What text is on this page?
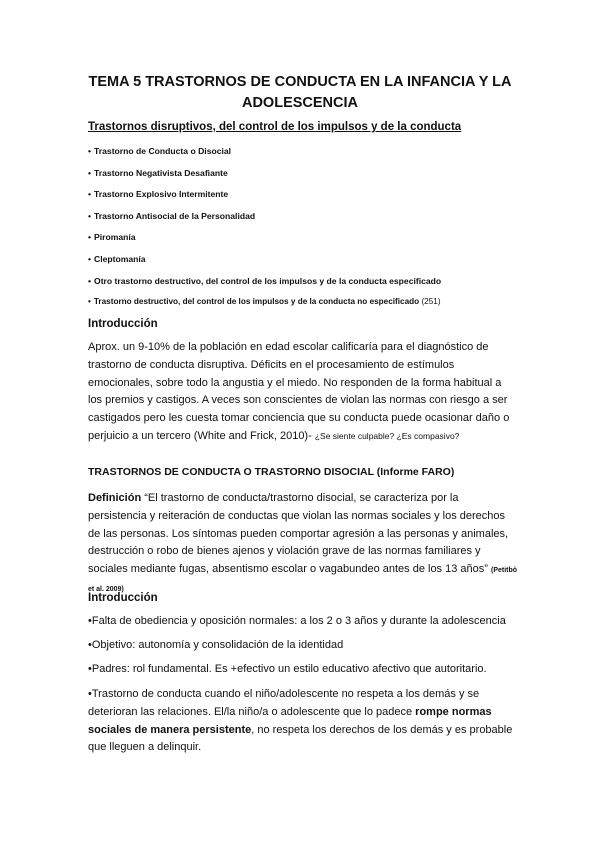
TEMA 5 TRASTORNOS DE CONDUCTA EN LA INFANCIA Y LA
ADOLESCENCIA
Trastornos disruptivos, del control de los impulsos y de la conducta
• Trastorno de Conducta o Disocial
• Trastorno Negativista Desafiante
• Trastorno Explosivo Intermitente
• Trastorno Antisocial de la Personalidad
• Piromanía
• Cleptomanía
• Otro trastorno destructivo, del control de los impulsos y de la conducta especificado
• Trastorno destructivo, del control de los impulsos y de la conducta no especificado (251)
Introducción
Aprox. un 9-10% de la población en edad escolar calificaría para el diagnóstico de trastorno de conducta disruptiva. Déficits en el procesamiento de estímulos emocionales, sobre todo la angustia y el miedo. No responden de la forma habitual a los premios y castigos. A veces son conscientes de violan las normas con riesgo a ser castigados pero les cuesta tomar conciencia que su conducta puede ocasionar daño o perjuicio a un tercero (White and Frick, 2010)- ¿Se siente culpable? ¿Es compasivo?
TRASTORNOS DE CONDUCTA O TRASTORNO DISOCIAL (Informe FARO)
Definición “El trastorno de conducta/trastorno disocial, se caracteriza por la persistencia y reiteración de conductas que violan las normas sociales y los derechos de las personas. Los síntomas pueden comportar agresión a las personas y animales, destrucción o robo de bienes ajenos y violación grave de las normas familiares y sociales mediante fugas, absentismo escolar o vagabundeo antes de los 13 años” (Petitbò et al. 2009)
Introducción
• Falta de obediencia y oposición normales: a los 2 o 3 años y durante la adolescencia
• Objetivo: autonomía y consolidación de la identidad
• Padres: rol fundamental. Es +efectivo un estilo educativo afectivo que autoritario.
• Trastorno de conducta cuando el niño/adolescente no respeta a los demás y se deterioran las relaciones. El/la niño/a o adolescente que lo padece rompe normas sociales de manera persistente, no respeta los derechos de los demás y es probable que lleguen a delinquir.
